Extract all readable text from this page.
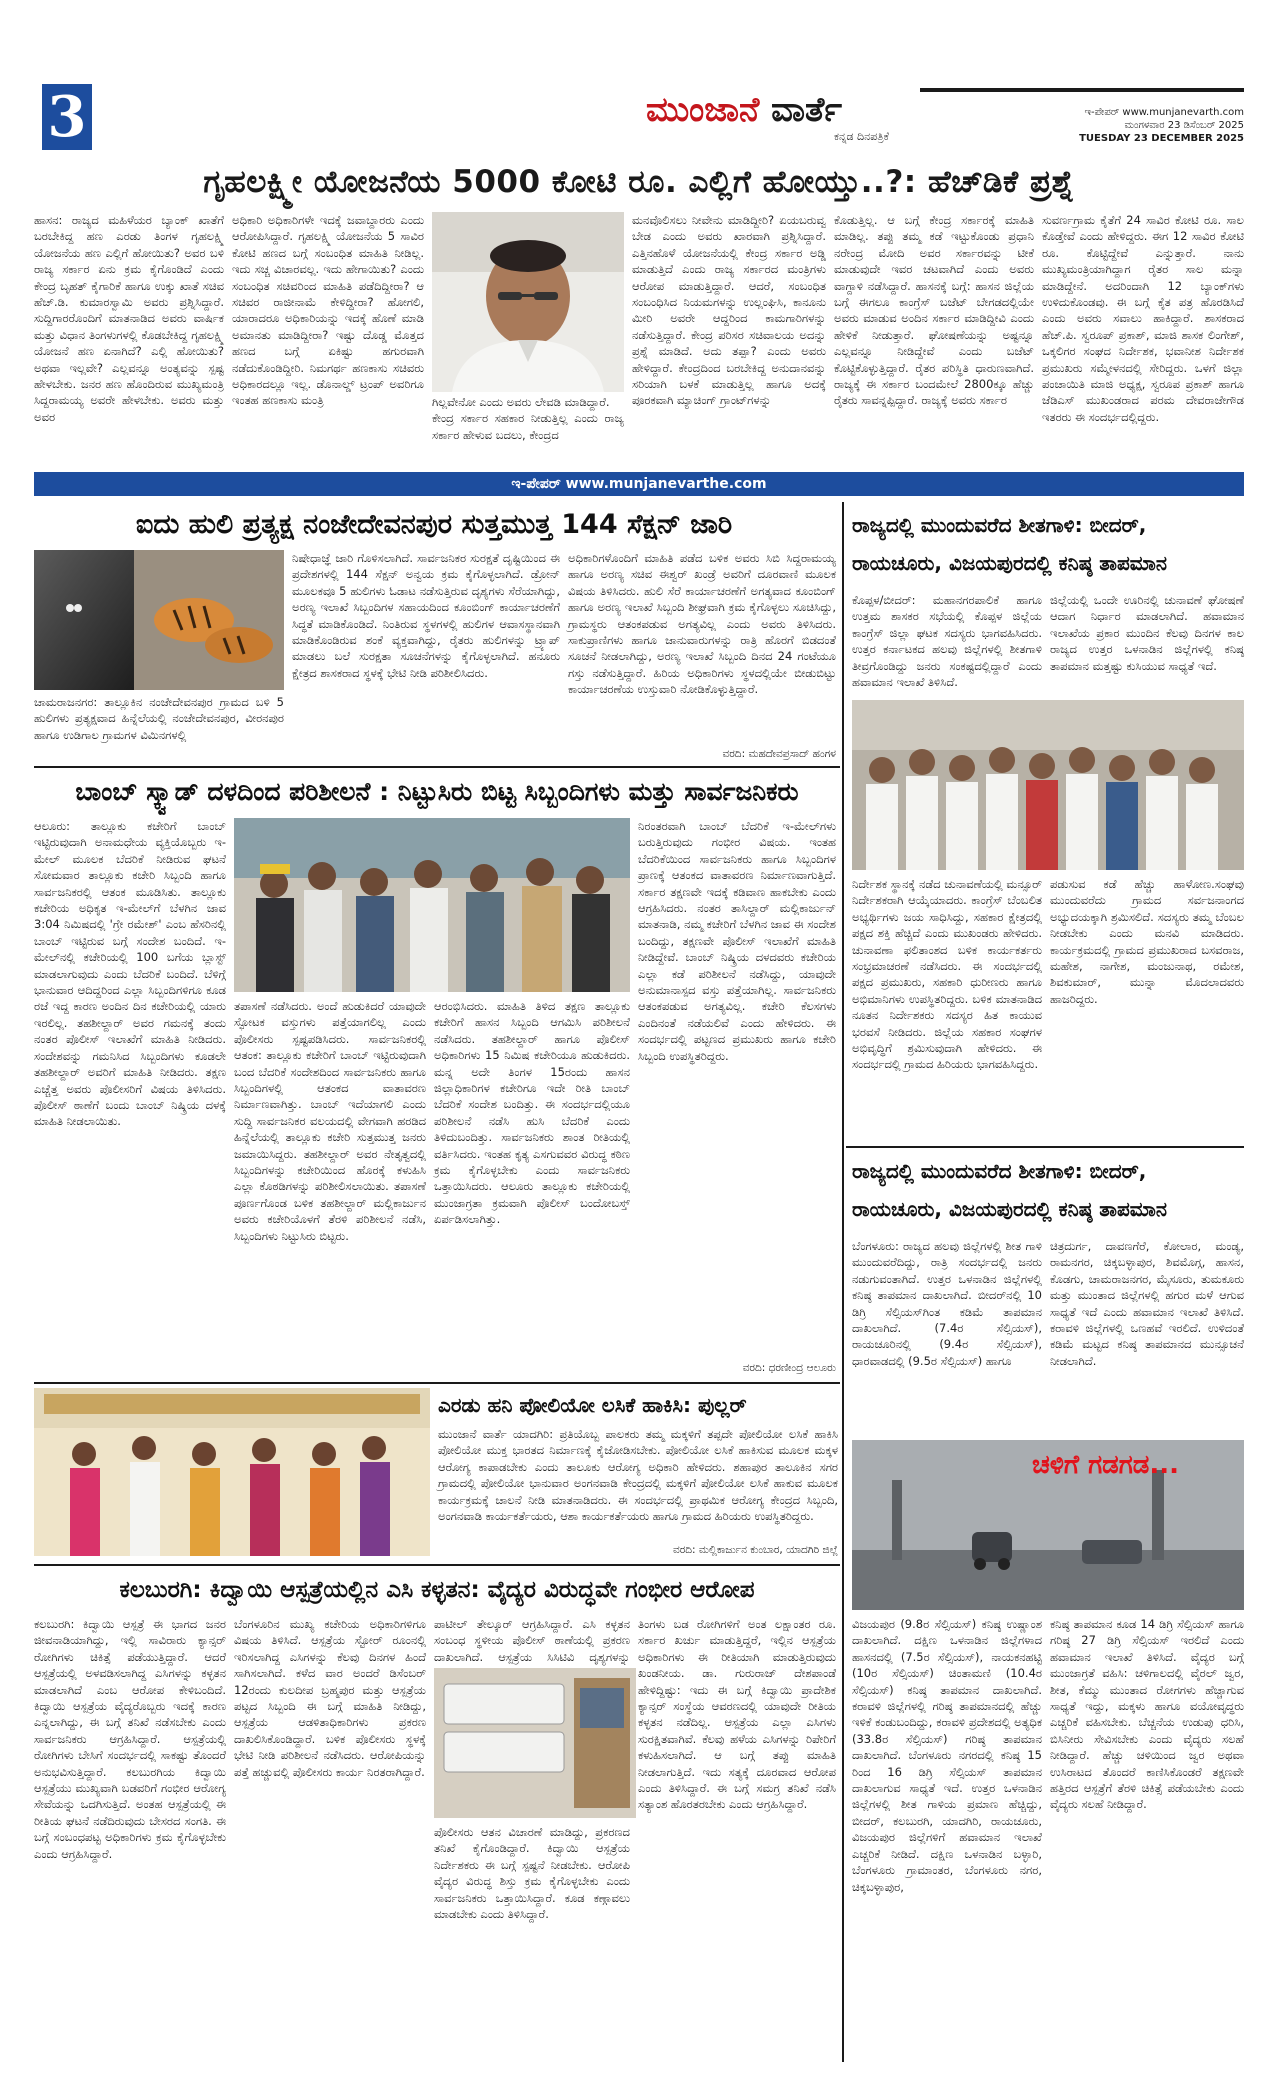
3	ಮುಂಜಾನೆ ವಾರ್ತೆ
ಕನ್ನಡ ದಿನಪತ್ರಿಕೆ
ಇ-ಪೇಪರ್ www.munjanevarth.com
ಮಂಗಳವಾರ 23 ಡಿಸೆಂಬರ್ 2025
TUESDAY 23 DECEMBER 2025
ಗೃಹಲಕ್ಷ್ಮೀ ಯೋಜನೆಯ 5000 ಕೋಟಿ ರೂ. ಎಲ್ಲಿಗೆ ಹೋಯ್ತು..?: ಹೆಚ್‌ಡಿಕೆ ಪ್ರಶ್ನೆ
ಹಾಸನ: ರಾಜ್ಯದ ಮಹಿಳೆಯರ ಬ್ಯಾಂಕ್ ಖಾತೆಗೆ ಬರಬೇಕಿದ್ದ ಹಣ ಎರಡು ತಿಂಗಳ ಗೃಹಲಕ್ಷ್ಮಿ ಯೋಜನೆಯ ಹಣ ಎಲ್ಲಿಗೆ ಹೋಯಿತು? ಅವರ ಬಳಿ ರಾಜ್ಯ ಸರ್ಕಾರ ಏನು ಕ್ರಮ ಕೈಗೊಂಡಿದೆ ಎಂದು ಕೇಂದ್ರ ಬೃಹತ್ ಕೈಗಾರಿಕೆ ಹಾಗೂ ಉಕ್ಕು ಖಾತೆ ಸಚಿವ ಹೆಚ್.ಡಿ. ಕುಮಾರಸ್ವಾಮಿ ಅವರು ಪ್ರಶ್ನಿಸಿದ್ದಾರೆ. ಸುದ್ದಿಗಾರರೊಂದಿಗೆ ಮಾತನಾಡಿದ ಅವರು ವಾರ್ಷಿಕ ಮತ್ತು ವಿಧಾನ ತಿಂಗಳುಗಳಲ್ಲಿ ಕೊಡಬೇಕಿದ್ದ ಗೃಹಲಕ್ಷ್ಮಿ ಯೋಜನೆ ಹಣ ಏನಾಗಿದೆ? ಎಲ್ಲಿ ಹೋಯಿತು? ಅಥವಾ ಇಲ್ಲವೇ? ಎಲ್ಲವನ್ನೂ ಅಂತ್ಯವನ್ನು ಸ್ಪಷ್ಟ ಹೇಳಬೇಕು. ಜನರ ಹಣ ಹೊಂದಿರುವ ಮುಖ್ಯಮಂತ್ರಿ ಸಿದ್ದರಾಮಯ್ಯ ಅವರೇ ಹೇಳಬೇಕು. ಅವರು ಮತ್ತು ಅವರ
ಅಧಿಕಾರಿ ಅಧಿಕಾರಿಗಳೇ ಇದಕ್ಕೆ ಜವಾಬ್ದಾರರು ಎಂದು ಆರೋಪಿಸಿದ್ದಾರೆ. ಗೃಹಲಕ್ಷ್ಮಿ ಯೋಜನೆಯ 5 ಸಾವಿರ ಕೋಟಿ ಹಣದ ಬಗ್ಗೆ ಸಂಬಂಧಿತ ಮಾಹಿತಿ ನೀಡಿಲ್ಲ. ಇದು ಸಚ್ಚ ವಿಚಾರವಲ್ಲ. ಇದು ಹೇಗಾಯಿತು? ಎಂದು ಸಂಬಂಧಿತ ಸಚಿವರಿಂದ ಮಾಹಿತಿ ಪಡೆದಿದ್ದೀರಾ? ಆ ಸಚಿವರ ರಾಜೀನಾಮೆ ಕೇಳಿದ್ದೀರಾ? ಹೋಗಲಿ, ಯಾರಾದರೂ ಅಧಿಕಾರಿಯನ್ನು ಇದಕ್ಕೆ ಹೊಣೆ ಮಾಡಿ ಅಮಾನತು ಮಾಡಿದ್ದೀರಾ? ಇಷ್ಟು ದೊಡ್ಡ ಮೊತ್ತದ ಹಣದ ಬಗ್ಗೆ ಏಕಿಷ್ಟು ಹಗುರವಾಗಿ ನಡೆದುಕೊಂಡಿದ್ದೀರಿ. ನಿಮಗರ್ಥ ಹಣಕಾಸು ಸಚಿವರು ಅಧಿಕಾರದಲ್ಲೂ ಇಲ್ಲ. ಡೊನಾಲ್ಡ್ ಟ್ರಂಪ್ ಅವರಿಗೂ ಇಂತಹ ಹಣಕಾಸು ಮಂತ್ರಿ	ಗಿಲ್ಲವೇನೋ ಎಂದು ಅವರು ಲೇವಡಿ ಮಾಡಿದ್ದಾರೆ.
ಕೇಂದ್ರ ಸರ್ಕಾರ ಸಹಕಾರ ನೀಡುತ್ತಿಲ್ಲ ಎಂದು ರಾಜ್ಯ ಸರ್ಕಾರ ಹೇಳುವ ಬದಲು, ಕೇಂದ್ರದ
ಮನವೊಲಿಸಲು ನೀವೇನು ಮಾಡಿದ್ದೀರಿ? ಏಯಬರುವ್ವ ಬೇಡ ಎಂದು ಅವರು ಖಾರವಾಗಿ ಪ್ರಶ್ನಿಸಿದ್ದಾರೆ. ಎತ್ತಿನಹೊಳೆ ಯೋಜನೆಯಲ್ಲಿ ಕೇಂದ್ರ ಸರ್ಕಾರ ಅಡ್ಡಿ ಮಾಡುತ್ತಿದೆ ಎಂದು ರಾಜ್ಯ ಸರ್ಕಾರದ ಮಂತ್ರಿಗಳು ಆರೋಪ ಮಾಡುತ್ತಿದ್ದಾರೆ. ಆದರೆ, ಸಂಬಂಧಿತ ಸಂಬಂಧಿಸಿದ ನಿಯಮಗಳನ್ನು ಉಲ್ಲಂಘಿಸಿ, ಕಾನೂನು ಮೀರಿ ಅವರೇ ಆದ್ದರಿಂದ ಕಾಮಗಾರಿಗಳನ್ನು ನಡೆಸುತ್ತಿದ್ದಾರೆ. ಕೇಂದ್ರ ಪರಿಸರ ಸಚಿವಾಲಯ ಅದನ್ನು ಪ್ರಶ್ನೆ ಮಾಡಿದೆ. ಅದು ತಪ್ಪಾ? ಎಂದು ಅವರು ಹೇಳಿದ್ದಾರೆ. ಕೇಂದ್ರದಿಂದ ಬರಬೇಕಿದ್ದ ಅನುದಾನವನ್ನು ಸರಿಯಾಗಿ ಬಳಕೆ ಮಾಡುತ್ತಿಲ್ಲ ಹಾಗೂ ಅದಕ್ಕೆ ಪೂರಕವಾಗಿ ಮ್ಯಾಚಿಂಗ್ ಗ್ರಾಂಟ್‌ಗಳನ್ನು
ಕೊಡುತ್ತಿಲ್ಲ. ಆ ಬಗ್ಗೆ ಕೇಂದ್ರ ಸರ್ಕಾರಕ್ಕೆ ಮಾಹಿತಿ ಮಾಡಿಲ್ಲ. ತಪ್ಪು ತಮ್ಮ ಕಡೆ ಇಟ್ಟುಕೊಂಡು ಪ್ರಧಾನಿ ನರೇಂದ್ರ ಮೋದಿ ಅವರ ಸರ್ಕಾರವನ್ನು ಟೀಕೆ ಮಾಡುವುದೇ ಇವರ ಚಟವಾಗಿದೆ ಎಂದು ಅವರು ವಾಗ್ದಾಳಿ ನಡೆಸಿದ್ದಾರೆ. ಹಾಸನಕ್ಕೆ ಬಗ್ಗೆ: ಹಾಸನ ಜಿಲ್ಲೆಯ ಬಗ್ಗೆ ಈಗಲೂ ಕಾಂಗ್ರೆಸ್ ಬಜೆಟ್ ಬೇಗಡದಲ್ಲಿಯೇ ಅವರು ಮಾಡುವ ಅಂದಿನ ಸರ್ಕಾರ ಮಾಡಿದ್ದೀವಿ ಎಂದು ಹೇಳಿಕೆ ನೀಡುತ್ತಾರೆ. ಘೋಷಣೆಯನ್ನು ಅಷ್ಟನ್ನೂ ಎಲ್ಲವನ್ನೂ ನೀಡಿದ್ದೇವೆ ಎಂದು ಬಜೆಟ್ ಕೊಟ್ಟಿಕೊಳ್ಳುತ್ತಿದ್ದಾರೆ. ರೈತರ ಪರಿಸ್ಥಿತಿ ಧಾರುಣವಾಗಿದೆ. ರಾಜ್ಯಕ್ಕೆ ಈ ಸರ್ಕಾರ ಬಂದಮೇಲೆ 2800ಕ್ಕೂ ಹೆಚ್ಚು ರೈತರು ಸಾವನ್ನಪ್ಪಿದ್ದಾರೆ. ರಾಜ್ಯಕ್ಕೆ ಅವರು ಸರ್ಕಾರ
ಸುವರ್ಣಗ್ರಾಮ ಕೈತೆಗೆ 24 ಸಾವಿರ ಕೋಟಿ ರೂ. ಸಾಲ ಕೊಡ್ತೇವೆ ಎಂದು ಹೇಳಿದ್ದರು. ಈಗ 12 ಸಾವಿರ ಕೋಟಿ ರೂ. ಕೊಟ್ಟಿದ್ದೇವೆ ಎನ್ನುತ್ತಾರೆ. ನಾನು ಮುಖ್ಯಮಂತ್ರಿಯಾಗಿದ್ದಾಗ ರೈತರ ಸಾಲ ಮನ್ನಾ ಮಾಡಿದ್ದೇನೆ. ಅದರಿಂದಾಗಿ 12 ಬ್ಯಾಂಕ್‌ಗಳು ಉಳಿದುಕೊಂಡವು. ಈ ಬಗ್ಗೆ ಕೈತ ಪತ್ರ ಹೊರಡಿಸಿದೆ ಎಂದು ಅವರು ಸವಾಲು ಹಾಕಿದ್ದಾರೆ. ಶಾಸಕರಾದ ಹೆಚ್.ಪಿ. ಸ್ವರೂಪ್ ಪ್ರಕಾಶ್, ಮಾಜಿ ಶಾಸಕ ಲಿಂಗೇಶ್, ಒಕ್ಕಲಿಗರ ಸಂಘದ ನಿರ್ದೇಶಕ, ಭವಾನೀಶ ನಿರ್ದೇಶಕ ಪ್ರಮುಖರು ಸಮ್ಮೇಳನದಲ್ಲಿ ಸೇರಿದ್ದರು. ಒಳಗೆ ಜಿಲ್ಲಾ ಪಂಚಾಯಿತಿ ಮಾಜಿ ಅಧ್ಯಕ್ಷ, ಸ್ವರೂಪ ಪ್ರಕಾಶ್ ಹಾಗೂ ಜೆಡಿಎಸ್ ಮುಖಂಡರಾದ ಪರಮ ದೇವರಾಜೇಗೌಡ ಇತರರು ಈ ಸಂದರ್ಭದಲ್ಲಿದ್ದರು.
ಇ-ಪೇಪರ್ www.munjanevarthe.com
ಐದು ಹುಲಿ ಪ್ರತ್ಯಕ್ಷ ನಂಜೇದೇವನಪುರ ಸುತ್ತಮುತ್ತ 144 ಸೆಕ್ಷನ್ ಜಾರಿ
ಚಾಮರಾಜನಗರ: ತಾಲ್ಲೂಕಿನ ನಂಜೇದೇವನಪುರ ಗ್ರಾಮದ ಬಳಿ 5 ಹುಲಿಗಳು ಪ್ರತ್ಯಕ್ಷವಾದ ಹಿನ್ನೆಲೆಯಲ್ಲಿ ನಂಜೇದೇವನಪುರ, ವೀರನಪುರ ಹಾಗೂ ಉಡಿಗಾಲ ಗ್ರಾಮಗಳ ವಿಮಿನಗಳಲ್ಲಿ
ನಿಷೇಧಾಜ್ಞೆ ಜಾರಿ ಗೊಳಿಸಲಾಗಿದೆ. ಸಾರ್ವಜನಿಕರ ಸುರಕ್ಷತೆ ದೃಷ್ಟಿಯಿಂದ ಈ ಪ್ರದೇಶಗಳಲ್ಲಿ 144 ಸೆಕ್ಷನ್ ಅನ್ವಯ ಕ್ರಮ ಕೈಗೊಳ್ಳಲಾಗಿದೆ. ಡ್ರೋನ್ ಮೂಲಕವೂ 5 ಹುಲಿಗಳು ಓಡಾಟ ನಡೆಸುತ್ತಿರುವ ದೃಶ್ಯಗಳು ಸೆರೆಯಾಗಿದ್ದು, ಅರಣ್ಯ ಇಲಾಖೆ ಸಿಬ್ಬಂದಿಗಳ ಸಹಾಯದಿಂದ ಕೂಂಬಿಂಗ್ ಕಾರ್ಯಾಚರಣೆಗೆ ಸಿದ್ಧತೆ ಮಾಡಿಕೊಂಡಿದೆ. ನಿಂತಿರುವ ಸ್ಥಳಗಳಲ್ಲಿ ಹುಲಿಗಳ ಆವಾಸಸ್ಥಾನವಾಗಿ ಮಾಡಿಕೊಂಡಿರುವ ಶಂಕೆ ವ್ಯಕ್ತವಾಗಿದ್ದು, ರೈತರು ಹುಲಿಗಳನ್ನು ಟ್ರ್ಯಾಪ್ ಮಾಡಲು ಬಲೆ ಸುರಕ್ಷತಾ ಸೂಚನೆಗಳನ್ನು ಕೈಗೊಳ್ಳಲಾಗಿದೆ. ಹನೂರು ಕ್ಷೇತ್ರದ ಶಾಸಕರಾದ ಸ್ಥಳಕ್ಕೆ ಭೇಟಿ ನೀಡಿ ಪರಿಶೀಲಿಸಿದರು.
ಅಧಿಕಾರಿಗಳೊಂದಿಗೆ ಮಾಹಿತಿ ಪಡೆದ ಬಳಿಕ ಅವರು ಸಿಬಿ ಸಿದ್ದರಾಮಯ್ಯ ಹಾಗೂ ಅರಣ್ಯ ಸಚಿವ ಈಶ್ವರ್ ಖಂಡ್ರೆ ಅವರಿಗೆ ದೂರವಾಣಿ ಮೂಲಕ ವಿಷಯ ತಿಳಿಸಿದರು. ಹುಲಿ ಸೆರೆ ಕಾರ್ಯಾಚರಣೆಗೆ ಅಗತ್ಯವಾದ ಕೂಂಬಿಂಗ್ ಹಾಗೂ ಅರಣ್ಯ ಇಲಾಖೆ ಸಿಬ್ಬಂದಿ ಶೀಘ್ರವಾಗಿ ಕ್ರಮ ಕೈಗೊಳ್ಳಲು ಸೂಚಿಸಿದ್ದು, ಗ್ರಾಮಸ್ಥರು ಆತಂಕಪಡುವ ಅಗತ್ಯವಿಲ್ಲ ಎಂದು ಅವರು ತಿಳಿಸಿದರು. ಸಾಕುಪ್ರಾಣಿಗಳು ಹಾಗೂ ಜಾನುವಾರುಗಳನ್ನು ರಾತ್ರಿ ಹೊರಗೆ ಬಿಡದಂತೆ ಸೂಚನೆ ನೀಡಲಾಗಿದ್ದು, ಅರಣ್ಯ ಇಲಾಖೆ ಸಿಬ್ಬಂದಿ ದಿನದ 24 ಗಂಟೆಯೂ ಗಸ್ತು ನಡೆಸುತ್ತಿದ್ದಾರೆ. ಹಿರಿಯ ಅಧಿಕಾರಿಗಳು ಸ್ಥಳದಲ್ಲಿಯೇ ಬೀಡುಬಿಟ್ಟು ಕಾರ್ಯಾಚರಣೆಯ ಉಸ್ತುವಾರಿ ನೋಡಿಕೊಳ್ಳುತ್ತಿದ್ದಾರೆ.
ವರದಿ: ಮಹದೇವಪ್ರಸಾದ್ ಹಂಗಳ
ರಾಜ್ಯದಲ್ಲಿ ಮುಂದುವರೆದ ಶೀತಗಾಳಿ: ಬೀದರ್,
ರಾಯಚೂರು, ವಿಜಯಪುರದಲ್ಲಿ ಕನಿಷ್ಠ ತಾಪಮಾನ
ಕೊಪ್ಪಳ/ಬೀದರ್: ಮಹಾನಗರಪಾಲಿಕೆ ಹಾಗೂ ಉತ್ತಮ ಶಾಸಕರ ಸಭೆಯಲ್ಲಿ ಕೊಪ್ಪಳ ಜಿಲ್ಲೆಯ ಕಾಂಗ್ರೆಸ್ ಜಿಲ್ಲಾ ಘಟಕ ಸದಸ್ಯರು ಭಾಗವಹಿಸಿದರು. ಉತ್ತರ ಕರ್ನಾಟಕದ ಹಲವು ಜಿಲ್ಲೆಗಳಲ್ಲಿ ಶೀತಗಾಳಿ ತೀವ್ರಗೊಂಡಿದ್ದು ಜನರು ಸಂಕಷ್ಟದಲ್ಲಿದ್ದಾರೆ ಎಂದು ಹವಾಮಾನ ಇಲಾಖೆ ತಿಳಿಸಿದೆ.
ಜಿಲ್ಲೆಯಲ್ಲಿ ಒಂದೇ ಊರಿನಲ್ಲಿ ಚುನಾವಣೆ ಘೋಷಣೆ ಆದಾಗ ನಿರ್ಧಾರ ಮಾಡಲಾಗಿದೆ. ಹವಾಮಾನ ಇಲಾಖೆಯ ಪ್ರಕಾರ ಮುಂದಿನ ಕೆಲವು ದಿನಗಳ ಕಾಲ ರಾಜ್ಯದ ಉತ್ತರ ಒಳನಾಡಿನ ಜಿಲ್ಲೆಗಳಲ್ಲಿ ಕನಿಷ್ಠ ತಾಪಮಾನ ಮತ್ತಷ್ಟು ಕುಸಿಯುವ ಸಾಧ್ಯತೆ ಇದೆ.
ನಿರ್ದೇಶಕ ಸ್ಥಾನಕ್ಕೆ ನಡೆದ ಚುನಾವಣೆಯಲ್ಲಿ ಮನ್ಸೂರ್ ನಿರ್ದೇಶಕರಾಗಿ ಆಯ್ಕೆಯಾದರು. ಕಾಂಗ್ರೆಸ್ ಬೆಂಬಲಿತ ಅಭ್ಯರ್ಥಿಗಳು ಜಯ ಸಾಧಿಸಿದ್ದು, ಸಹಕಾರ ಕ್ಷೇತ್ರದಲ್ಲಿ ಪಕ್ಷದ ಶಕ್ತಿ ಹೆಚ್ಚಿದೆ ಎಂದು ಮುಖಂಡರು ಹೇಳಿದರು. ಚುನಾವಣಾ ಫಲಿತಾಂಶದ ಬಳಿಕ ಕಾರ್ಯಕರ್ತರು ಸಂಭ್ರಮಾಚರಣೆ ನಡೆಸಿದರು. ಈ ಸಂದರ್ಭದಲ್ಲಿ ಪಕ್ಷದ ಪ್ರಮುಖರು, ಸಹಕಾರಿ ಧುರೀಣರು ಹಾಗೂ ಅಭಿಮಾನಿಗಳು ಉಪಸ್ಥಿತರಿದ್ದರು. ಬಳಿಕ ಮಾತನಾಡಿದ ನೂತನ ನಿರ್ದೇಶಕರು ಸದಸ್ಯರ ಹಿತ ಕಾಯುವ ಭರವಸೆ ನೀಡಿದರು. ಜಿಲ್ಲೆಯ ಸಹಕಾರ ಸಂಘಗಳ ಅಭಿವೃದ್ಧಿಗೆ ಶ್ರಮಿಸುವುದಾಗಿ ಹೇಳಿದರು. ಈ ಸಂದರ್ಭದಲ್ಲಿ ಗ್ರಾಮದ ಹಿರಿಯರು ಭಾಗವಹಿಸಿದ್ದರು.
ಪಡುಸುವ ಕಡೆ ಹೆಚ್ಚು ಹಾಳೋಣ.ಸಂಘವು ಮುಂದುವರೆದು ಗ್ರಾಮದ ಸರ್ವಜನಾಂಗದ ಅಭ್ಯುದಯಕ್ಕಾಗಿ ಶ್ರಮಿಸಲಿದೆ. ಸದಸ್ಯರು ತಮ್ಮ ಬೆಂಬಲ ನೀಡಬೇಕು ಎಂದು ಮನವಿ ಮಾಡಿದರು. ಕಾರ್ಯಕ್ರಮದಲ್ಲಿ ಗ್ರಾಮದ ಪ್ರಮುಖರಾದ ಬಸವರಾಜ, ಮಹೇಶ, ನಾಗೇಶ, ಮಂಜುನಾಥ, ರಮೇಶ, ಶಿವಕುಮಾರ್, ಮುನ್ನಾ ಮೊದಲಾದವರು ಹಾಜರಿದ್ದರು.
ಬಾಂಬ್ ಸ್ಕ್ವಾಡ್ ದಳದಿಂದ ಪರಿಶೀಲನೆ : ನಿಟ್ಟುಸಿರು ಬಿಟ್ಟ ಸಿಬ್ಬಂದಿಗಳು ಮತ್ತು ಸಾರ್ವಜನಿಕರು
ಆಲೂರು: ತಾಲ್ಲೂಕು ಕಚೇರಿಗೆ ಬಾಂಬ್ ಇಟ್ಟಿರುವುದಾಗಿ ಅನಾಮಧೇಯ ವ್ಯಕ್ತಿಯೊಬ್ಬರು ಇ-ಮೇಲ್ ಮೂಲಕ ಬೆದರಿಕೆ ನೀಡಿರುವ ಘಟನೆ ಸೋಮವಾರ ತಾಲ್ಲೂಕು ಕಚೇರಿ ಸಿಬ್ಬಂದಿ ಹಾಗೂ ಸಾರ್ವಜನಿಕರಲ್ಲಿ ಆತಂಕ ಮೂಡಿಸಿತು. ತಾಲ್ಲೂಕು ಕಚೇರಿಯ ಅಧಿಕೃತ ಇ-ಮೇಲ್‌ಗೆ ಬೆಳಗಿನ ಜಾವ 3:04 ನಿಮಿಷದಲ್ಲಿ 'ಗ್ರೇ ರಮೇಶ್' ಎಂಬ ಹೆಸರಿನಲ್ಲಿ ಬಾಂಬ್ ಇಟ್ಟಿರುವ ಬಗ್ಗೆ ಸಂದೇಶ ಬಂದಿದೆ. ಇ-ಮೇಲ್‌ನಲ್ಲಿ ಕಚೇರಿಯಲ್ಲಿ 100 ಬಗೆಯ ಬ್ಲಾಸ್ಟ್ ಮಾಡಲಾಗುವುದು ಎಂದು ಬೆದರಿಕೆ ಬಂದಿದೆ. ಬೆಳಿಗ್ಗೆ ಭಾನುವಾರ ಆದಿದ್ದರಿಂದ ಎಲ್ಲಾ ಸಿಬ್ಬಂದಿಗಳಿಗೂ ಕೂಡ ರಜೆ ಇದ್ದ ಕಾರಣ ಅಂದಿನ ದಿನ ಕಚೇರಿಯಲ್ಲಿ ಯಾರು ಇರಲಿಲ್ಲ. ತಹಶೀಲ್ದಾರ್ ಅವರ ಗಮನಕ್ಕೆ ತಂದು ನಂತರ ಪೊಲೀಸ್ ಇಲಾಖೆಗೆ ಮಾಹಿತಿ ನೀಡಿದರು. ಸಂದೇಶವನ್ನು ಗಮನಿಸಿದ ಸಿಬ್ಬಂದಿಗಳು ಕೂಡಲೇ ತಹಶೀಲ್ದಾರ್ ಅವರಿಗೆ ಮಾಹಿತಿ ನೀಡಿದರು. ತಕ್ಷಣ ಎಚ್ಚೆತ್ತ ಅವರು ಪೊಲೀಸರಿಗೆ ವಿಷಯ ತಿಳಿಸಿದರು. ಪೊಲೀಸ್ ಠಾಣೆಗೆ ಬಂದು ಬಾಂಬ್ ನಿಷ್ಕ್ರಿಯ ದಳಕ್ಕೆ ಮಾಹಿತಿ ನೀಡಲಾಯಿತು.
ತಪಾಸಣೆ ನಡೆಸಿದರು. ಅಂದೆ ಹುಡುಕಿದರೆ ಯಾವುದೇ ಸ್ಫೋಟಕ ವಸ್ತುಗಳು ಪತ್ತೆಯಾಗಲಿಲ್ಲ ಎಂದು ಪೊಲೀಸರು ಸ್ಪಷ್ಟಪಡಿಸಿದರು. ಸಾರ್ವಜನಿಕರಲ್ಲಿ ಆತಂಕ: ತಾಲ್ಲೂಕು ಕಚೇರಿಗೆ ಬಾಂಬ್ ಇಟ್ಟಿರುವುದಾಗಿ ಬಂದ ಬೆದರಿಕೆ ಸಂದೇಶದಿಂದ ಸಾರ್ವಜನಿಕರು ಹಾಗೂ ಸಿಬ್ಬಂದಿಗಳಲ್ಲಿ ಆತಂಕದ ವಾತಾವರಣ ನಿರ್ಮಾಣವಾಗಿತ್ತು. ಬಾಂಬ್ ಇದೆಯಾಗಲಿ ಎಂದು ಸುದ್ದಿ ಸಾರ್ವಜನಿಕರ ವಲಯದಲ್ಲಿ ವೇಗವಾಗಿ ಹರಡಿದ ಹಿನ್ನೆಲೆಯಲ್ಲಿ ತಾಲ್ಲೂಕು ಕಚೇರಿ ಸುತ್ತಮುತ್ತ ಜನರು ಜಮಾಯಿಸಿದ್ದರು. ತಹಶೀಲ್ದಾರ್ ಅವರ ನೇತೃತ್ವದಲ್ಲಿ ಸಿಬ್ಬಂದಿಗಳನ್ನು ಕಚೇರಿಯಿಂದ ಹೊರಕ್ಕೆ ಕಳುಹಿಸಿ ಎಲ್ಲಾ ಕೊಠಡಿಗಳನ್ನು ಪರಿಶೀಲಿಸಲಾಯಿತು. ತಪಾಸಣೆ ಪೂರ್ಣಗೊಂಡ ಬಳಿಕ ತಹಶೀಲ್ದಾರ್ ಮಲ್ಲಿಕಾರ್ಜುನ ಅವರು ಕಚೇರಿಯೊಳಗೆ ತೆರಳಿ ಪರಿಶೀಲನೆ ನಡೆಸಿ, ಸಿಬ್ಬಂದಿಗಳು ನಿಟ್ಟುಸಿರು ಬಿಟ್ಟರು.
ಆರಂಭಿಸಿದರು. ಮಾಹಿತಿ ತಿಳಿದ ತಕ್ಷಣ ತಾಲ್ಲೂಕು ಕಚೇರಿಗೆ ಹಾಸನ ಸಿಬ್ಬಂದಿ ಆಗಮಿಸಿ ಪರಿಶೀಲನೆ ನಡೆಸಿದರು. ತಹಶೀಲ್ದಾರ್ ಹಾಗೂ ಪೊಲೀಸ್ ಅಧಿಕಾರಿಗಳು 15 ನಿಮಿಷ ಕಚೇರಿಯೂ ಹುಡುಕಿದರು. ಮನ್ನ ಅದೇ ತಿಂಗಳ 15ರಂದು ಹಾಸನ ಜಿಲ್ಲಾಧಿಕಾರಿಗಳ ಕಚೇರಿಗೂ ಇದೇ ರೀತಿ ಬಾಂಬ್ ಬೆದರಿಕೆ ಸಂದೇಶ ಬಂದಿತ್ತು. ಈ ಸಂದರ್ಭದಲ್ಲಿಯೂ ಪರಿಶೀಲನೆ ನಡೆಸಿ ಹುಸಿ ಬೆದರಿಕೆ ಎಂದು ತಿಳಿದುಬಂದಿತ್ತು. ಸಾರ್ವಜನಿಕರು ಶಾಂತ ರೀತಿಯಲ್ಲಿ ವರ್ತಿಸಿದರು. ಇಂತಹ ಕೃತ್ಯ ಎಸಗುವವರ ವಿರುದ್ಧ ಕಠಿಣ ಕ್ರಮ ಕೈಗೊಳ್ಳಬೇಕು ಎಂದು ಸಾರ್ವಜನಿಕರು ಒತ್ತಾಯಿಸಿದರು. ಆಲೂರು ತಾಲ್ಲೂಕು ಕಚೇರಿಯಲ್ಲಿ ಮುಂಜಾಗ್ರತಾ ಕ್ರಮವಾಗಿ ಪೊಲೀಸ್ ಬಂದೋಬಸ್ತ್ ಏರ್ಪಡಿಸಲಾಗಿತ್ತು.
ನಿರಂತರವಾಗಿ ಬಾಂಬ್ ಬೆದರಿಕೆ ಇ-ಮೇಲ್‌ಗಳು ಬರುತ್ತಿರುವುದು ಗಂಭೀರ ವಿಷಯ. ಇಂತಹ ಬೆದರಿಕೆಯಿಂದ ಸಾರ್ವಜನಿಕರು ಹಾಗೂ ಸಿಬ್ಬಂದಿಗಳ ಪ್ರಾಣಕ್ಕೆ ಆತಂಕದ ವಾತಾವರಣ ನಿರ್ಮಾಣವಾಗುತ್ತಿದೆ. ಸರ್ಕಾರ ತಕ್ಷಣವೇ ಇದಕ್ಕೆ ಕಡಿವಾಣ ಹಾಕಬೇಕು ಎಂದು ಆಗ್ರಹಿಸಿದರು. ನಂತರ ತಾಸಿಲ್ದಾರ್ ಮಲ್ಲಿಕಾರ್ಜುನ್ ಮಾತನಾಡಿ, ನಮ್ಮ ಕಚೇರಿಗೆ ಬೆಳಗಿನ ಜಾವ ಈ ಸಂದೇಶ ಬಂದಿದ್ದು, ತಕ್ಷಣವೇ ಪೊಲೀಸ್ ಇಲಾಖೆಗೆ ಮಾಹಿತಿ ನೀಡಿದ್ದೇವೆ. ಬಾಂಬ್ ನಿಷ್ಕ್ರಿಯ ದಳದವರು ಕಚೇರಿಯ ಎಲ್ಲಾ ಕಡೆ ಪರಿಶೀಲನೆ ನಡೆಸಿದ್ದು, ಯಾವುದೇ ಅನುಮಾನಾಸ್ಪದ ವಸ್ತು ಪತ್ತೆಯಾಗಿಲ್ಲ. ಸಾರ್ವಜನಿಕರು ಆತಂಕಪಡುವ ಅಗತ್ಯವಿಲ್ಲ. ಕಚೇರಿ ಕೆಲಸಗಳು ಎಂದಿನಂತೆ ನಡೆಯಲಿವೆ ಎಂದು ಹೇಳಿದರು. ಈ ಸಂದರ್ಭದಲ್ಲಿ ಪಟ್ಟಣದ ಪ್ರಮುಖರು ಹಾಗೂ ಕಚೇರಿ ಸಿಬ್ಬಂದಿ ಉಪಸ್ಥಿತರಿದ್ದರು.
ವರದಿ: ಧರಣೀಂದ್ರ ಆಲೂರು
ರಾಜ್ಯದಲ್ಲಿ ಮುಂದುವರೆದ ಶೀತಗಾಳಿ: ಬೀದರ್,
ರಾಯಚೂರು, ವಿಜಯಪುರದಲ್ಲಿ ಕನಿಷ್ಠ ತಾಪಮಾನ
ಬೆಂಗಳೂರು: ರಾಜ್ಯದ ಹಲವು ಜಿಲ್ಲೆಗಳಲ್ಲಿ ಶೀತ ಗಾಳಿ ಮುಂದುವರೆದಿದ್ದು, ರಾತ್ರಿ ಸಂದರ್ಭದಲ್ಲಿ ಜನರು ನಡುಗುವಂತಾಗಿದೆ. ಉತ್ತರ ಒಳನಾಡಿನ ಜಿಲ್ಲೆಗಳಲ್ಲಿ ಕನಿಷ್ಠ ತಾಪಮಾನ ದಾಖಲಾಗಿದೆ. ಬೀದರ್‌ನಲ್ಲಿ 10 ಡಿಗ್ರಿ ಸೆಲ್ಸಿಯಸ್‌ಗಿಂತ ಕಡಿಮೆ ತಾಪಮಾನ ದಾಖಲಾಗಿದೆ. (7.4ರ ಸೆಲ್ಸಿಯಸ್), ರಾಯಚೂರಿನಲ್ಲಿ (9.4ರ ಸೆಲ್ಸಿಯಸ್), ಧಾರವಾಡದಲ್ಲಿ (9.5ರ ಸೆಲ್ಸಿಯಸ್) ಹಾಗೂ
ಚಿತ್ರದುರ್ಗ, ದಾವಣಗೆರೆ, ಕೋಲಾರ, ಮಂಡ್ಯ, ರಾಮನಗರ, ಚಿಕ್ಕಬಳ್ಳಾಪುರ, ಶಿವಮೊಗ್ಗ, ಹಾಸನ, ಕೊಡಗು, ಚಾಮರಾಜನಗರ, ಮೈಸೂರು, ತುಮಕೂರು ಮತ್ತು ಮುಂತಾದ ಜಿಲ್ಲೆಗಳಲ್ಲಿ ಹಗುರ ಮಳೆ ಆಗುವ ಸಾಧ್ಯತೆ ಇದೆ ಎಂದು ಹವಾಮಾನ ಇಲಾಖೆ ತಿಳಿಸಿದೆ. ಕರಾವಳಿ ಜಿಲ್ಲೆಗಳಲ್ಲಿ ಒಣಹವೆ ಇರಲಿದೆ. ಉಳಿದಂತೆ ಕಡಿಮೆ ಮಟ್ಟದ ಕನಿಷ್ಠ ತಾಪಮಾನದ ಮುನ್ಸೂಚನೆ ನೀಡಲಾಗಿದೆ.
ಚಳಿಗೆ ಗಡಗಡ...
ವಿಜಯಪುರ (9.8ರ ಸೆಲ್ಸಿಯಸ್) ಕನಿಷ್ಠ ಉಷ್ಣಾಂಶ ದಾಖಲಾಗಿದೆ. ದಕ್ಷಿಣ ಒಳನಾಡಿನ ಜಿಲ್ಲೆಗಳಾದ ಹಾಸನದಲ್ಲಿ (7.5ರ ಸೆಲ್ಸಿಯಸ್), ನಾಯಕನಹಟ್ಟಿ (10ರ ಸೆಲ್ಸಿಯಸ್) ಚಿಂತಾಮಣಿ (10.4ರ ಸೆಲ್ಸಿಯಸ್) ಕನಿಷ್ಠ ತಾಪಮಾನ ದಾಖಲಾಗಿದೆ. ಕರಾವಳಿ ಜಿಲ್ಲೆಗಳಲ್ಲಿ ಗರಿಷ್ಠ ತಾಪಮಾನದಲ್ಲಿ ಹೆಚ್ಚು ಇಳಿಕೆ ಕಂಡುಬಂದಿದ್ದು, ಕರಾವಳಿ ಪ್ರದೇಶದಲ್ಲಿ ಅತ್ಯಧಿಕ (33.8ರ ಸೆಲ್ಸಿಯಸ್) ಗರಿಷ್ಠ ತಾಪಮಾನ ದಾಖಲಾಗಿದೆ. ಬೆಂಗಳೂರು ನಗರದಲ್ಲಿ ಕನಿಷ್ಠ 15 ರಿಂದ 16 ಡಿಗ್ರಿ ಸೆಲ್ಸಿಯಸ್ ತಾಪಮಾನ ದಾಖಲಾಗುವ ಸಾಧ್ಯತೆ ಇದೆ. ಉತ್ತರ ಒಳನಾಡಿನ ಜಿಲ್ಲೆಗಳಲ್ಲಿ ಶೀತ ಗಾಳಿಯ ಪ್ರಮಾಣ ಹೆಚ್ಚಿದ್ದು, ಬೀದರ್, ಕಲಬುರಗಿ, ಯಾದಗಿರಿ, ರಾಯಚೂರು, ವಿಜಯಪುರ ಜಿಲ್ಲೆಗಳಿಗೆ ಹವಾಮಾನ ಇಲಾಖೆ ಎಚ್ಚರಿಕೆ ನೀಡಿದೆ. ದಕ್ಷಿಣ ಒಳನಾಡಿನ ಬಳ್ಳಾರಿ, ಬೆಂಗಳೂರು ಗ್ರಾಮಾಂತರ, ಬೆಂಗಳೂರು ನಗರ, ಚಿಕ್ಕಬಳ್ಳಾಪುರ,
ಕನಿಷ್ಠ ತಾಪಮಾನ ಕೂಡ 14 ಡಿಗ್ರಿ ಸೆಲ್ಸಿಯಸ್ ಹಾಗೂ ಗರಿಷ್ಠ 27 ಡಿಗ್ರಿ ಸೆಲ್ಸಿಯಸ್ ಇರಲಿದೆ ಎಂದು ಹವಾಮಾನ ಇಲಾಖೆ ತಿಳಿಸಿದೆ. ವೈದ್ಯರ ಬಗ್ಗೆ ಮುಂಜಾಗ್ರತೆ ವಹಿಸಿ: ಚಳಿಗಾಲದಲ್ಲಿ ವೈರಲ್ ಜ್ವರ, ಶೀತ, ಕೆಮ್ಮು ಮುಂತಾದ ರೋಗಗಳು ಹೆಚ್ಚಾಗುವ ಸಾಧ್ಯತೆ ಇದ್ದು, ಮಕ್ಕಳು ಹಾಗೂ ವಯೋವೃದ್ಧರು ಎಚ್ಚರಿಕೆ ವಹಿಸಬೇಕು. ಬೆಚ್ಚನೆಯ ಉಡುಪು ಧರಿಸಿ, ಬಿಸಿನೀರು ಸೇವಿಸಬೇಕು ಎಂದು ವೈದ್ಯರು ಸಲಹೆ ನೀಡಿದ್ದಾರೆ. ಹೆಚ್ಚು ಚಳಿಯಿಂದ ಜ್ವರ ಅಥವಾ ಉಸಿರಾಟದ ತೊಂದರೆ ಕಾಣಿಸಿಕೊಂಡರೆ ತಕ್ಷಣವೇ ಹತ್ತಿರದ ಆಸ್ಪತ್ರೆಗೆ ತೆರಳಿ ಚಿಕಿತ್ಸೆ ಪಡೆಯಬೇಕು ಎಂದು ವೈದ್ಯರು ಸಲಹೆ ನೀಡಿದ್ದಾರೆ.
ಎರಡು ಹನಿ ಪೋಲಿಯೋ ಲಸಿಕೆ ಹಾಕಿಸಿ: ಪುಲ್ಲರ್
ಮುಂಜಾನೆ ವಾರ್ತೆ ಯಾದಗಿರಿ: ಪ್ರತಿಯೊಬ್ಬ ಪಾಲಕರು ತಮ್ಮ ಮಕ್ಕಳಿಗೆ ತಪ್ಪದೇ ಪೋಲಿಯೋ ಲಸಿಕೆ ಹಾಕಿಸಿ ಪೋಲಿಯೋ ಮುಕ್ತ ಭಾರತದ ನಿರ್ಮಾಣಕ್ಕೆ ಕೈಜೋಡಿಸಬೇಕು. ಪೋಲಿಯೋ ಲಸಿಕೆ ಹಾಕಿಸುವ ಮೂಲಕ ಮಕ್ಕಳ ಆರೋಗ್ಯ ಕಾಪಾಡಬೇಕು ಎಂದು ತಾಲೂಕು ಆರೋಗ್ಯ ಅಧಿಕಾರಿ ಹೇಳಿದರು. ಶಹಾಪುರ ತಾಲೂಕಿನ ಸಗರ ಗ್ರಾಮದಲ್ಲಿ ಪೋಲಿಯೋ ಭಾನುವಾರ ಅಂಗನವಾಡಿ ಕೇಂದ್ರದಲ್ಲಿ ಮಕ್ಕಳಿಗೆ ಪೋಲಿಯೋ ಲಸಿಕೆ ಹಾಕುವ ಮೂಲಕ ಕಾರ್ಯಕ್ರಮಕ್ಕೆ ಚಾಲನೆ ನೀಡಿ ಮಾತನಾಡಿದರು. ಈ ಸಂದರ್ಭದಲ್ಲಿ ಪ್ರಾಥಮಿಕ ಆರೋಗ್ಯ ಕೇಂದ್ರದ ಸಿಬ್ಬಂದಿ, ಅಂಗನವಾಡಿ ಕಾರ್ಯಕರ್ತೆಯರು, ಆಶಾ ಕಾರ್ಯಕರ್ತೆಯರು ಹಾಗೂ ಗ್ರಾಮದ ಹಿರಿಯರು ಉಪಸ್ಥಿತರಿದ್ದರು.
ವರದಿ: ಮಲ್ಲಿಕಾರ್ಜುನ ಕುಂಬಾರ, ಯಾದಗಿರಿ ಜಿಲ್ಲೆ
ಕಲಬುರಗಿ: ಕಿದ್ವಾಯಿ ಆಸ್ಪತ್ರೆಯಲ್ಲಿನ ಎಸಿ ಕಳ್ಳತನ: ವೈದ್ಯರ ವಿರುದ್ಧವೇ ಗಂಭೀರ ಆರೋಪ
ಕಲಬುರಗಿ: ಕಿದ್ವಾಯಿ ಆಸ್ಪತ್ರೆ ಈ ಭಾಗದ ಜನರ ಜೀವನಾಡಿಯಾಗಿದ್ದು, ಇಲ್ಲಿ ಸಾವಿರಾರು ಕ್ಯಾನ್ಸರ್ ರೋಗಿಗಳು ಚಿಕಿತ್ಸೆ ಪಡೆಯುತ್ತಿದ್ದಾರೆ. ಆದರೆ ಆಸ್ಪತ್ರೆಯಲ್ಲಿ ಅಳವಡಿಸಲಾಗಿದ್ದ ಎಸಿಗಳನ್ನು ಕಳ್ಳತನ ಮಾಡಲಾಗಿದೆ ಎಂಬ ಆರೋಪ ಕೇಳಿಬಂದಿದೆ. ಕಿದ್ವಾಯಿ ಆಸ್ಪತ್ರೆಯ ವೈದ್ಯರೊಬ್ಬರು ಇದಕ್ಕೆ ಕಾರಣ ಎನ್ನಲಾಗಿದ್ದು, ಈ ಬಗ್ಗೆ ತನಿಖೆ ನಡೆಸಬೇಕು ಎಂದು ಸಾರ್ವಜನಿಕರು ಆಗ್ರಹಿಸಿದ್ದಾರೆ. ಆಸ್ಪತ್ರೆಯಲ್ಲಿ ರೋಗಿಗಳು ಬೇಸಿಗೆ ಸಂದರ್ಭದಲ್ಲಿ ಸಾಕಷ್ಟು ತೊಂದರೆ ಅನುಭವಿಸುತ್ತಿದ್ದಾರೆ. ಕಲಬುರಗಿಯ ಕಿದ್ವಾಯಿ ಆಸ್ಪತ್ರೆಯು ಮುಖ್ಯವಾಗಿ ಬಡವರಿಗೆ ಗಂಭೀರ ಆರೋಗ್ಯ ಸೇವೆಯನ್ನು ಒದಗಿಸುತ್ತಿದೆ. ಅಂತಹ ಆಸ್ಪತ್ರೆಯಲ್ಲಿ ಈ ರೀತಿಯ ಘಟನೆ ನಡೆದಿರುವುದು ಬೇಸರದ ಸಂಗತಿ. ಈ ಬಗ್ಗೆ ಸಂಬಂಧಪಟ್ಟ ಅಧಿಕಾರಿಗಳು ಕ್ರಮ ಕೈಗೊಳ್ಳಬೇಕು ಎಂದು ಆಗ್ರಹಿಸಿದ್ದಾರೆ.
ಬೆಂಗಳೂರಿನ ಮುಖ್ಯ ಕಚೇರಿಯ ಅಧಿಕಾರಿಗಳಿಗೂ ವಿಷಯ ತಿಳಿಸಿದೆ. ಆಸ್ಪತ್ರೆಯ ಸ್ಟೋರ್ ರೂಂನಲ್ಲಿ ಇರಿಸಲಾಗಿದ್ದ ಎಸಿಗಳನ್ನು ಕೆಲವು ದಿನಗಳ ಹಿಂದೆ ಸಾಗಿಸಲಾಗಿದೆ. ಕಳೆದ ವಾರ ಅಂದರೆ ಡಿಸೆಂಬರ್ 12ರಂದು ಕುಲದೀಪ ಬ್ರಹ್ಮಪುರ ಮತ್ತು ಆಸ್ಪತ್ರೆಯ ಪಟ್ಟದ ಸಿಬ್ಬಂದಿ ಈ ಬಗ್ಗೆ ಮಾಹಿತಿ ನೀಡಿದ್ದು, ಆಸ್ಪತ್ರೆಯ ಆಡಳಿತಾಧಿಕಾರಿಗಳು ಪ್ರಕರಣ ದಾಖಲಿಸಿಕೊಂಡಿದ್ದಾರೆ. ಬಳಿಕ ಪೊಲೀಸರು ಸ್ಥಳಕ್ಕೆ ಭೇಟಿ ನೀಡಿ ಪರಿಶೀಲನೆ ನಡೆಸಿದರು. ಆರೋಪಿಯನ್ನು ಪತ್ತೆ ಹಚ್ಚುವಲ್ಲಿ ಪೊಲೀಸರು ಕಾರ್ಯ ನಿರತರಾಗಿದ್ದಾರೆ.
ಪಾಟೀಲ್ ತೇಲ್ಕೂರ್ ಆಗ್ರಹಿಸಿದ್ದಾರೆ. ಎಸಿ ಕಳ್ಳತನ ಸಂಬಂಧ ಸ್ಥಳೀಯ ಪೊಲೀಸ್ ಠಾಣೆಯಲ್ಲಿ ಪ್ರಕರಣ ದಾಖಲಾಗಿದೆ. ಆಸ್ಪತ್ರೆಯ ಸಿಸಿಟಿವಿ ದೃಶ್ಯಗಳನ್ನು
ಪೊಲೀಸರು ಆತನ ವಿಚಾರಣೆ ಮಾಡಿದ್ದು, ಪ್ರಕರಣದ ತನಿಖೆ ಕೈಗೊಂಡಿದ್ದಾರೆ. ಕಿದ್ವಾಯಿ ಆಸ್ಪತ್ರೆಯ ನಿರ್ದೇಶಕರು ಈ ಬಗ್ಗೆ ಸ್ಪಷ್ಟನೆ ನೀಡಬೇಕು. ಆರೋಪಿ ವೈದ್ಯರ ವಿರುದ್ಧ ಶಿಸ್ತು ಕ್ರಮ ಕೈಗೊಳ್ಳಬೇಕು ಎಂದು ಸಾರ್ವಜನಿಕರು ಒತ್ತಾಯಿಸಿದ್ದಾರೆ. ಕೂಡ ಕಣ್ಗಾವಲು ಮಾಡಬೇಕು ಎಂದು ತಿಳಿಸಿದ್ದಾರೆ.
ತಿಂಗಳು ಬಡ ರೋಗಿಗಳಿಗೆ ಅಂತ ಲಕ್ಷಾಂತರ ರೂ. ಸರ್ಕಾರ ಖರ್ಚು ಮಾಡುತ್ತಿದ್ದರೆ, ಇಲ್ಲಿನ ಆಸ್ಪತ್ರೆಯ ಅಧಿಕಾರಿಗಳು ಈ ರೀತಿಯಾಗಿ ಮಾಡುತ್ತಿರುವುದು ಖಂಡನೀಯ. ಡಾ. ಗುರುರಾಜ್ ದೇಶಪಾಂಡೆ ಹೇಳಿದ್ದಿಷ್ಟು: ಇದು ಈ ಬಗ್ಗೆ ಕಿದ್ವಾಯಿ ಪ್ರಾದೇಶಿಕ ಕ್ಯಾನ್ಸರ್ ಸಂಸ್ಥೆಯ ಆವರಣದಲ್ಲಿ ಯಾವುದೇ ರೀತಿಯ ಕಳ್ಳತನ ನಡೆದಿಲ್ಲ. ಆಸ್ಪತ್ರೆಯ ಎಲ್ಲಾ ಎಸಿಗಳು ಸುರಕ್ಷಿತವಾಗಿವೆ. ಕೆಲವು ಹಳೆಯ ಎಸಿಗಳನ್ನು ರಿಪೇರಿಗೆ ಕಳುಹಿಸಲಾಗಿದೆ. ಆ ಬಗ್ಗೆ ತಪ್ಪು ಮಾಹಿತಿ ನೀಡಲಾಗುತ್ತಿದೆ. ಇದು ಸತ್ಯಕ್ಕೆ ದೂರವಾದ ಆರೋಪ ಎಂದು ತಿಳಿಸಿದ್ದಾರೆ. ಈ ಬಗ್ಗೆ ಸಮಗ್ರ ತನಿಖೆ ನಡೆಸಿ ಸತ್ಯಾಂಶ ಹೊರತರಬೇಕು ಎಂದು ಆಗ್ರಹಿಸಿದ್ದಾರೆ.
